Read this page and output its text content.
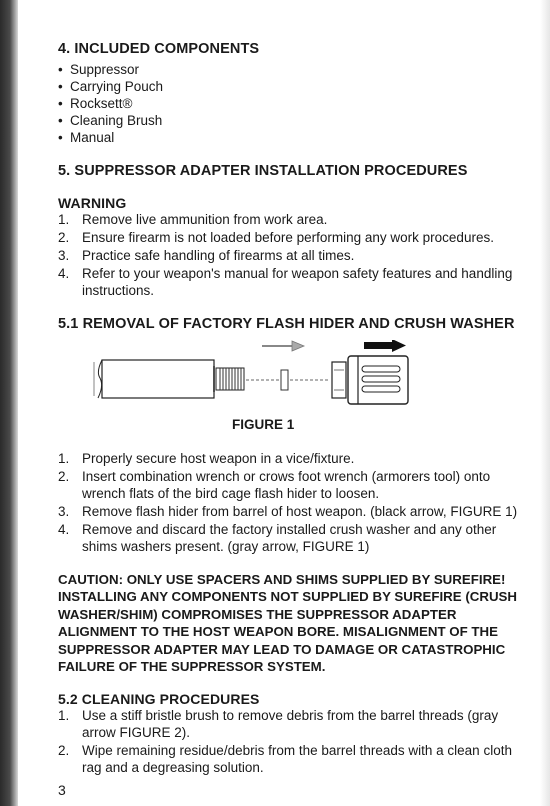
4. INCLUDED COMPONENTS
• Suppressor
• Carrying Pouch
• Rocksett®
• Cleaning Brush
• Manual
5. SUPPRESSOR ADAPTER INSTALLATION PROCEDURES
WARNING
1. Remove live ammunition from work area.
2. Ensure firearm is not loaded before performing any work procedures.
3. Practice safe handling of firearms at all times.
4. Refer to your weapon's manual for weapon safety features and handling instructions.
5.1 REMOVAL OF FACTORY FLASH HIDER AND CRUSH WASHER
FIGURE 1
1. Properly secure host weapon in a vice/fixture.
2. Insert combination wrench or crows foot wrench (armorers tool) onto wrench flats of the bird cage flash hider to loosen.
3. Remove flash hider from barrel of host weapon. (black arrow, FIGURE 1)
4. Remove and discard the factory installed crush washer and any other shims washers present. (gray arrow, FIGURE 1)

CAUTION: ONLY USE SPACERS AND SHIMS SUPPLIED BY SUREFIRE! INSTALLING ANY COMPONENTS NOT SUPPLIED BY SUREFIRE (CRUSH WASHER/SHIM) COMPROMISES THE SUPPRESSOR ADAPTER ALIGNMENT TO THE HOST WEAPON BORE. MISALIGNMENT OF THE SUPPRESSOR ADAPTER MAY LEAD TO DAMAGE OR CATASTROPHIC FAILURE OF THE SUPPRESSOR SYSTEM.

5.2 CLEANING PROCEDURES
1. Use a stiff bristle brush to remove debris from the barrel threads (gray arrow FIGURE 2).
2. Wipe remaining residue/debris from the barrel threads with a clean cloth rag and a degreasing solution.
3
